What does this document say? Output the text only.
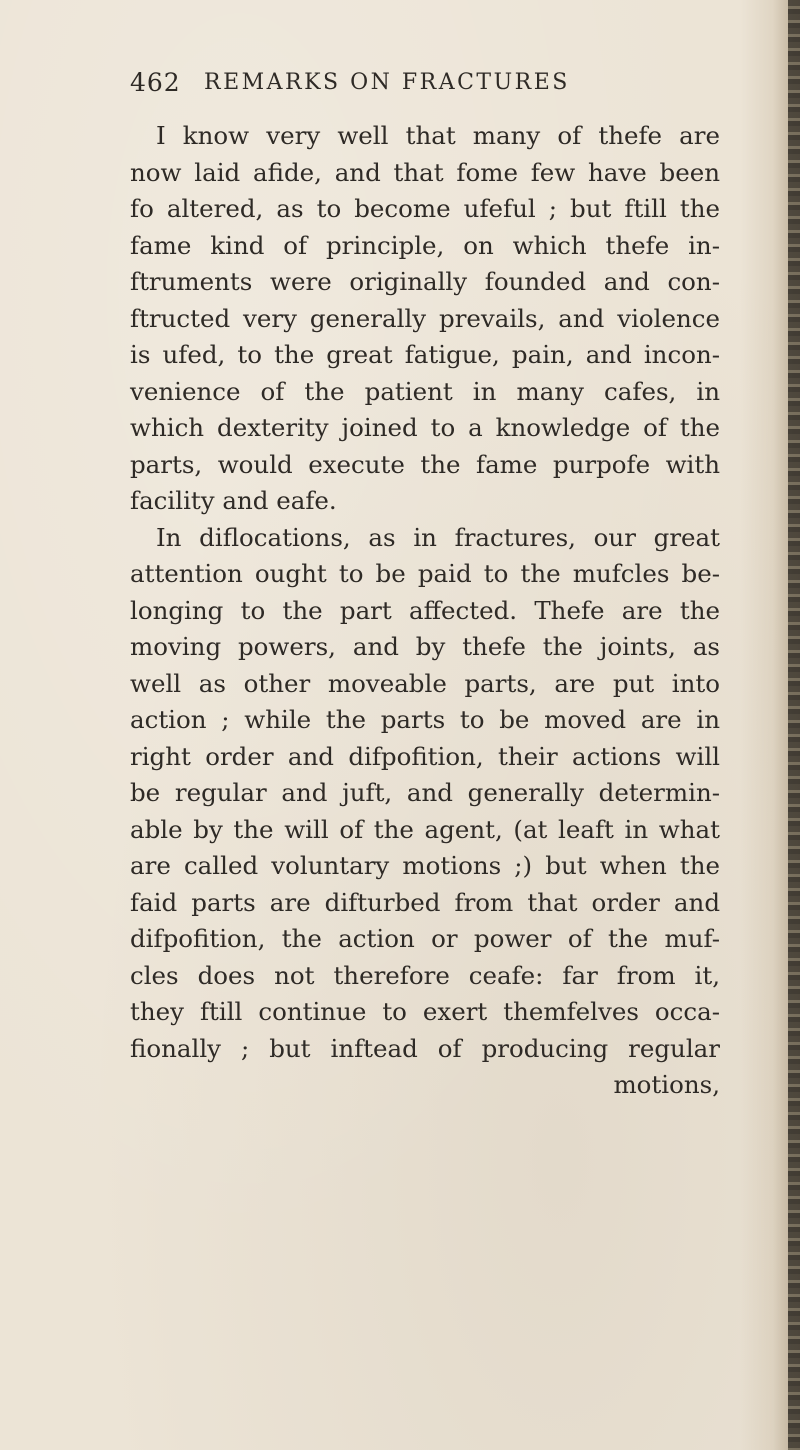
462 REMARKS ON FRACTURES
I know very well that many of thefe are
now laid afide, and that fome few have been
fo altered, as to become ufeful ; but ftill the
fame kind of principle, on which thefe in-
ftruments were originally founded and con-
ftructed very generally prevails, and violence
is ufed, to the great fatigue, pain, and incon-
venience of the patient in many cafes, in
which dexterity joined to a knowledge of the
parts, would execute the fame purpofe with
facility and eafe.
In diflocations, as in fractures, our great
attention ought to be paid to the mufcles be-
longing to the part affected. Thefe are the
moving powers, and by thefe the joints, as
well as other moveable parts, are put into
action ; while the parts to be moved are in
right order and difpofition, their actions will
be regular and juft, and generally determin-
able by the will of the agent, (at leaft in what
are called voluntary motions ;) but when the
faid parts are difturbed from that order and
difpofition, the action or power of the muf-
cles does not therefore ceafe: far from it,
they ftill continue to exert themfelves occa-
fionally ; but inftead of producing regular
motions,
